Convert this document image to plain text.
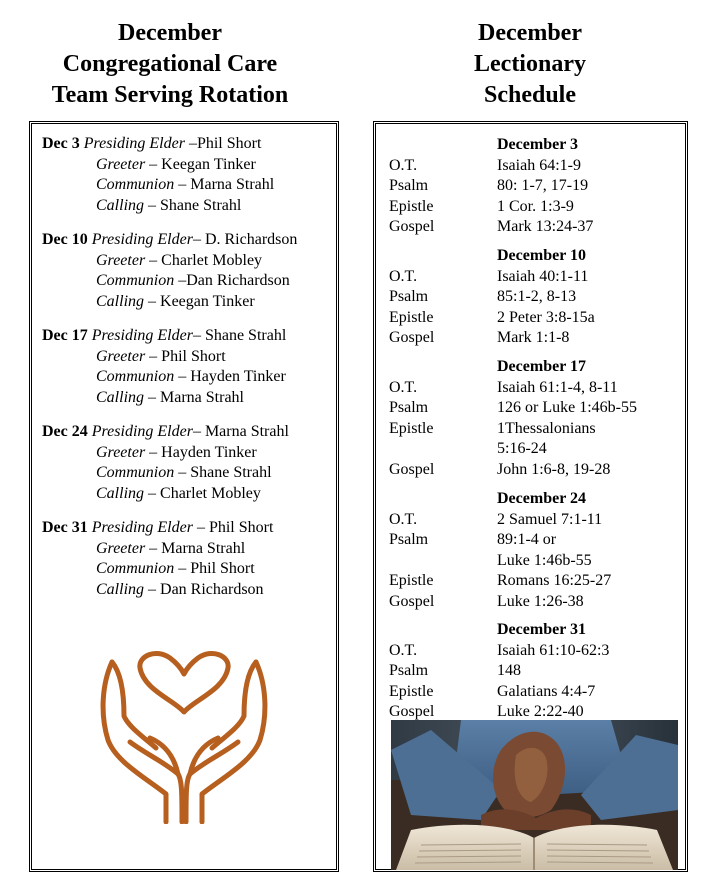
December
Congregational Care
Team Serving Rotation
December
Lectionary
Schedule
Dec 3 Presiding Elder –Phil Short
Greeter – Keegan Tinker
Communion – Marna Strahl
Calling – Shane Strahl
Dec 10 Presiding Elder– D. Richardson
Greeter – Charlet Mobley
Communion –Dan Richardson
Calling – Keegan Tinker
Dec 17 Presiding Elder– Shane Strahl
Greeter – Phil Short
Communion – Hayden Tinker
Calling – Marna Strahl
Dec 24 Presiding Elder– Marna Strahl
Greeter – Hayden Tinker
Communion – Shane Strahl
Calling – Charlet Mobley
Dec 31 Presiding Elder – Phil Short
Greeter – Marna Strahl
Communion – Phil Short
Calling – Dan Richardson
December 3
O.T.	Isaiah 64:1-9
Psalm	80: 1-7, 17-19
Epistle	1 Cor. 1:3-9
Gospel	Mark 13:24-37
December 10
O.T.	Isaiah 40:1-11
Psalm	85:1-2, 8-13
Epistle	2 Peter 3:8-15a
Gospel	Mark 1:1-8
December 17
O.T.	Isaiah 61:1-4, 8-11
Psalm	126 or Luke 1:46b-55
Epistle	1Thessalonians
5:16-24
Gospel	John 1:6-8, 19-28
December 24
O.T.	2 Samuel 7:1-11
Psalm	89:1-4 or
Luke 1:46b-55
Epistle	Romans 16:25-27
Gospel	Luke 1:26-38
December 31
O.T.	Isaiah 61:10-62:3
Psalm	148
Epistle	Galatians 4:4-7
Gospel	Luke 2:22-40
